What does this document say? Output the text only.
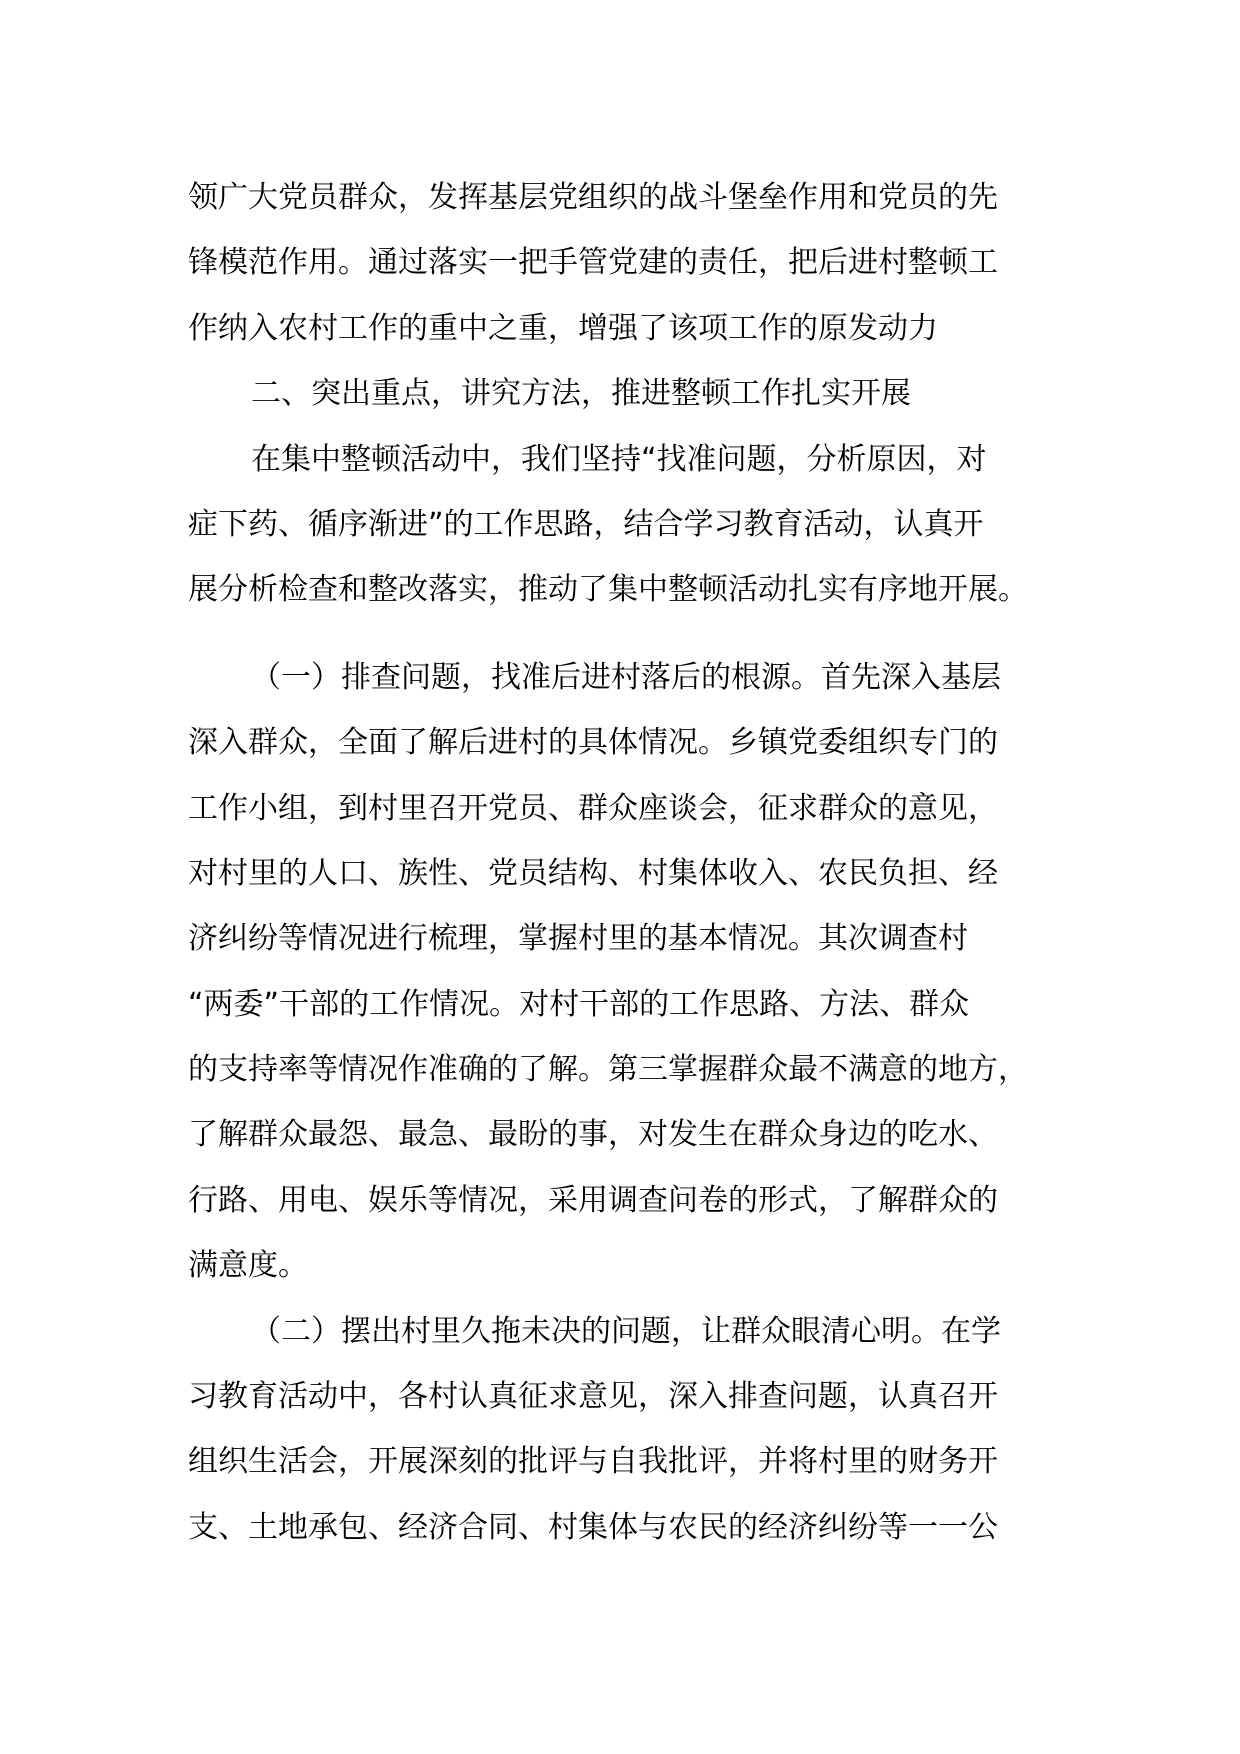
领广大党员群众，发挥基层党组织的战斗堡垒作用和党员的先
锋模范作用。通过落实一把手管党建的责任，把后进村整顿工
作纳入农村工作的重中之重，增强了该项工作的原发动力
二、突出重点，讲究方法，推进整顿工作扎实开展
在集中整顿活动中，我们坚持“找准问题，分析原因，对
症下药、循序渐进”的工作思路，结合学习教育活动，认真开
展分析检查和整改落实，推动了集中整顿活动扎实有序地开展。
（一）排查问题，找准后进村落后的根源。首先深入基层
深入群众，全面了解后进村的具体情况。乡镇党委组织专门的
工作小组，到村里召开党员、群众座谈会，征求群众的意见，
对村里的人口、族性、党员结构、村集体收入、农民负担、经
济纠纷等情况进行梳理，掌握村里的基本情况。其次调查村
“两委”干部的工作情况。对村干部的工作思路、方法、群众
的支持率等情况作准确的了解。第三掌握群众最不满意的地方，
了解群众最怨、最急、最盼的事，对发生在群众身边的吃水、
行路、用电、娱乐等情况，采用调查问卷的形式，了解群众的
满意度。
（二）摆出村里久拖未决的问题，让群众眼清心明。在学
习教育活动中，各村认真征求意见，深入排查问题，认真召开
组织生活会，开展深刻的批评与自我批评，并将村里的财务开
支、土地承包、经济合同、村集体与农民的经济纠纷等一一公
